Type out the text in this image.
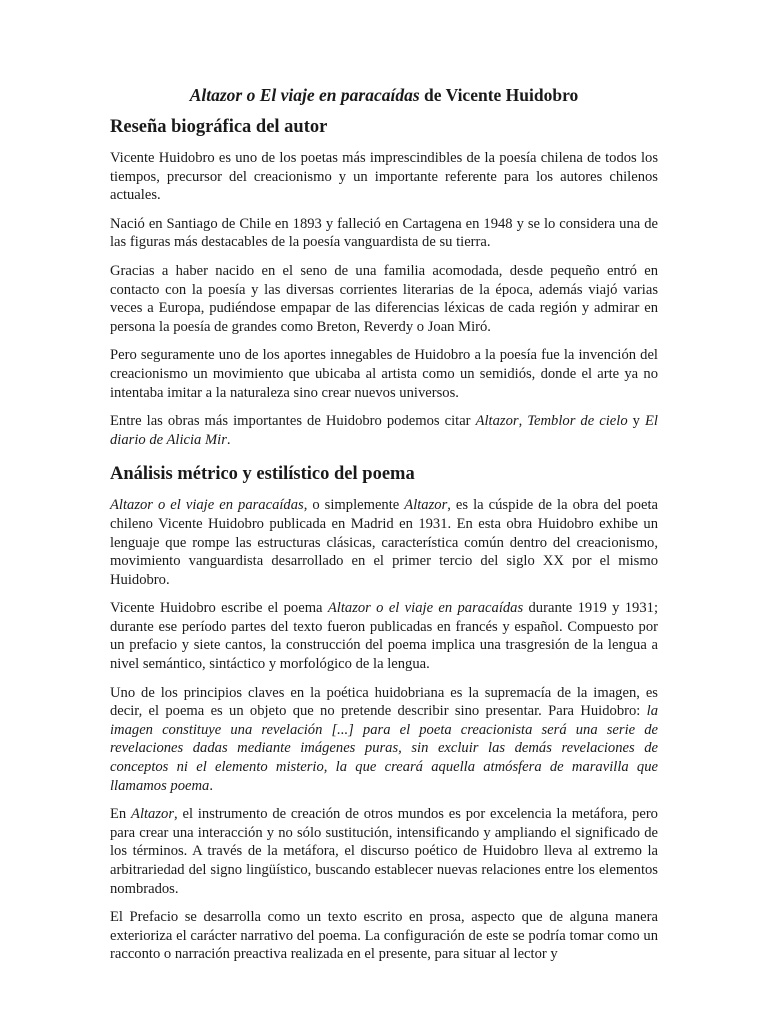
Altazor o El viaje en paracaídas de Vicente Huidobro
Reseña biográfica del autor

Vicente Huidobro es uno de los poetas más imprescindibles de la poesía chilena de todos los tiempos, precursor del creacionismo y un importante referente para los autores chilenos actuales.

Nació en Santiago de Chile en 1893 y falleció en Cartagena en 1948 y se lo considera una de las figuras más destacables de la poesía vanguardista de su tierra.

Gracias a haber nacido en el seno de una familia acomodada, desde pequeño entró en contacto con la poesía y las diversas corrientes literarias de la época, además viajó varias veces a Europa, pudiéndose empapar de las diferencias léxicas de cada región y admirar en persona la poesía de grandes como Breton, Reverdy o Joan Miró.

Pero seguramente uno de los aportes innegables de Huidobro a la poesía fue la invención del creacionismo un movimiento que ubicaba al artista como un semidiós, donde el arte ya no intentaba imitar a la naturaleza sino crear nuevos universos.

Entre las obras más importantes de Huidobro podemos citar Altazor, Temblor de cielo y El diario de Alicia Mir.

Análisis métrico y estilístico del poema

Altazor o el viaje en paracaídas, o simplemente Altazor, es la cúspide de la obra del poeta chileno Vicente Huidobro publicada en Madrid en 1931. En esta obra Huidobro exhibe un lenguaje que rompe las estructuras clásicas, característica común dentro del creacionismo, movimiento vanguardista desarrollado en el primer tercio del siglo XX por el mismo Huidobro.

Vicente Huidobro escribe el poema Altazor o el viaje en paracaídas durante 1919 y 1931; durante ese período partes del texto fueron publicadas en francés y español. Compuesto por un prefacio y siete cantos, la construcción del poema implica una trasgresión de la lengua a nivel semántico, sintáctico y morfológico de la lengua.

Uno de los principios claves en la poética huidobriana es la supremacía de la imagen, es decir, el poema es un objeto que no pretende describir sino presentar. Para Huidobro: la imagen constituye una revelación [...] para el poeta creacionista será una serie de revelaciones dadas mediante imágenes puras, sin excluir las demás revelaciones de conceptos ni el elemento misterio, la que creará aquella atmósfera de maravilla que llamamos poema.

En Altazor, el instrumento de creación de otros mundos es por excelencia la metáfora, pero para crear una interacción y no sólo sustitución, intensificando y ampliando el significado de los términos. A través de la metáfora, el discurso poético de Huidobro lleva al extremo la arbitrariedad del signo lingüístico, buscando establecer nuevas relaciones entre los elementos nombrados.

El Prefacio se desarrolla como un texto escrito en prosa, aspecto que de alguna manera exterioriza el carácter narrativo del poema. La configuración de este se podría tomar como un racconto o narración preactiva realizada en el presente, para situar al lector y
